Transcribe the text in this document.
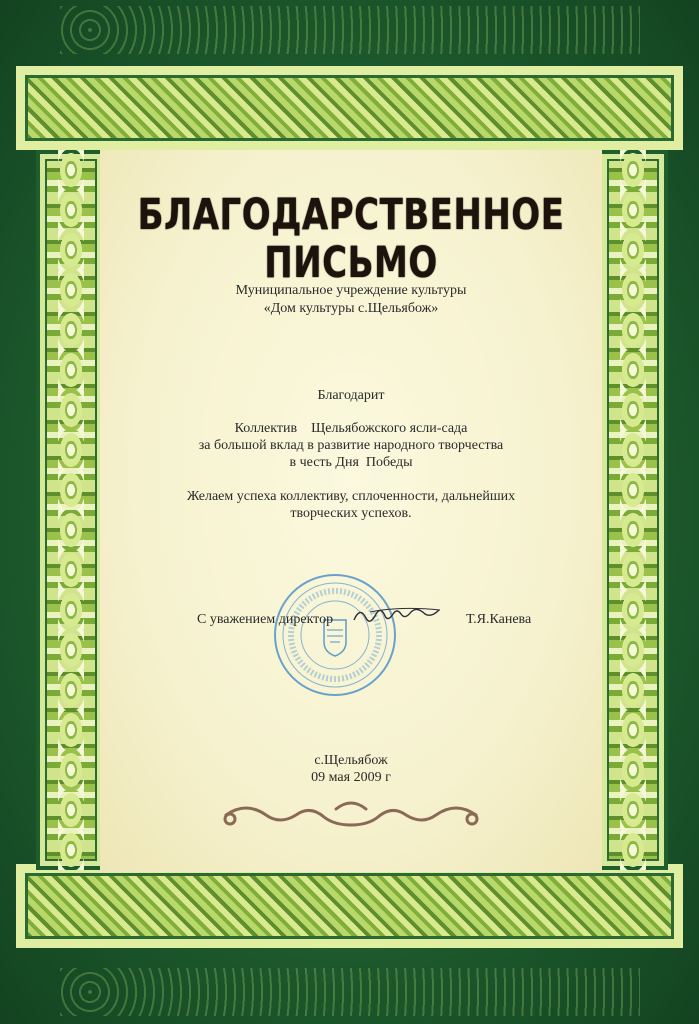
БЛАГОДАРСТВЕННОЕ
ПИСЬМО
Муниципальное учреждение культуры
«Дом культуры с.Щельябож»
Благодарит
Коллектив    Щельябожского ясли-сада
за большой вклад в развитие народного творчества
в честь Дня  Победы
Желаем успеха коллективу, сплоченности, дальнейших
творческих успехов.
С уважением директор	Т.Я.Канева
с.Щельябож
09 мая 2009 г
